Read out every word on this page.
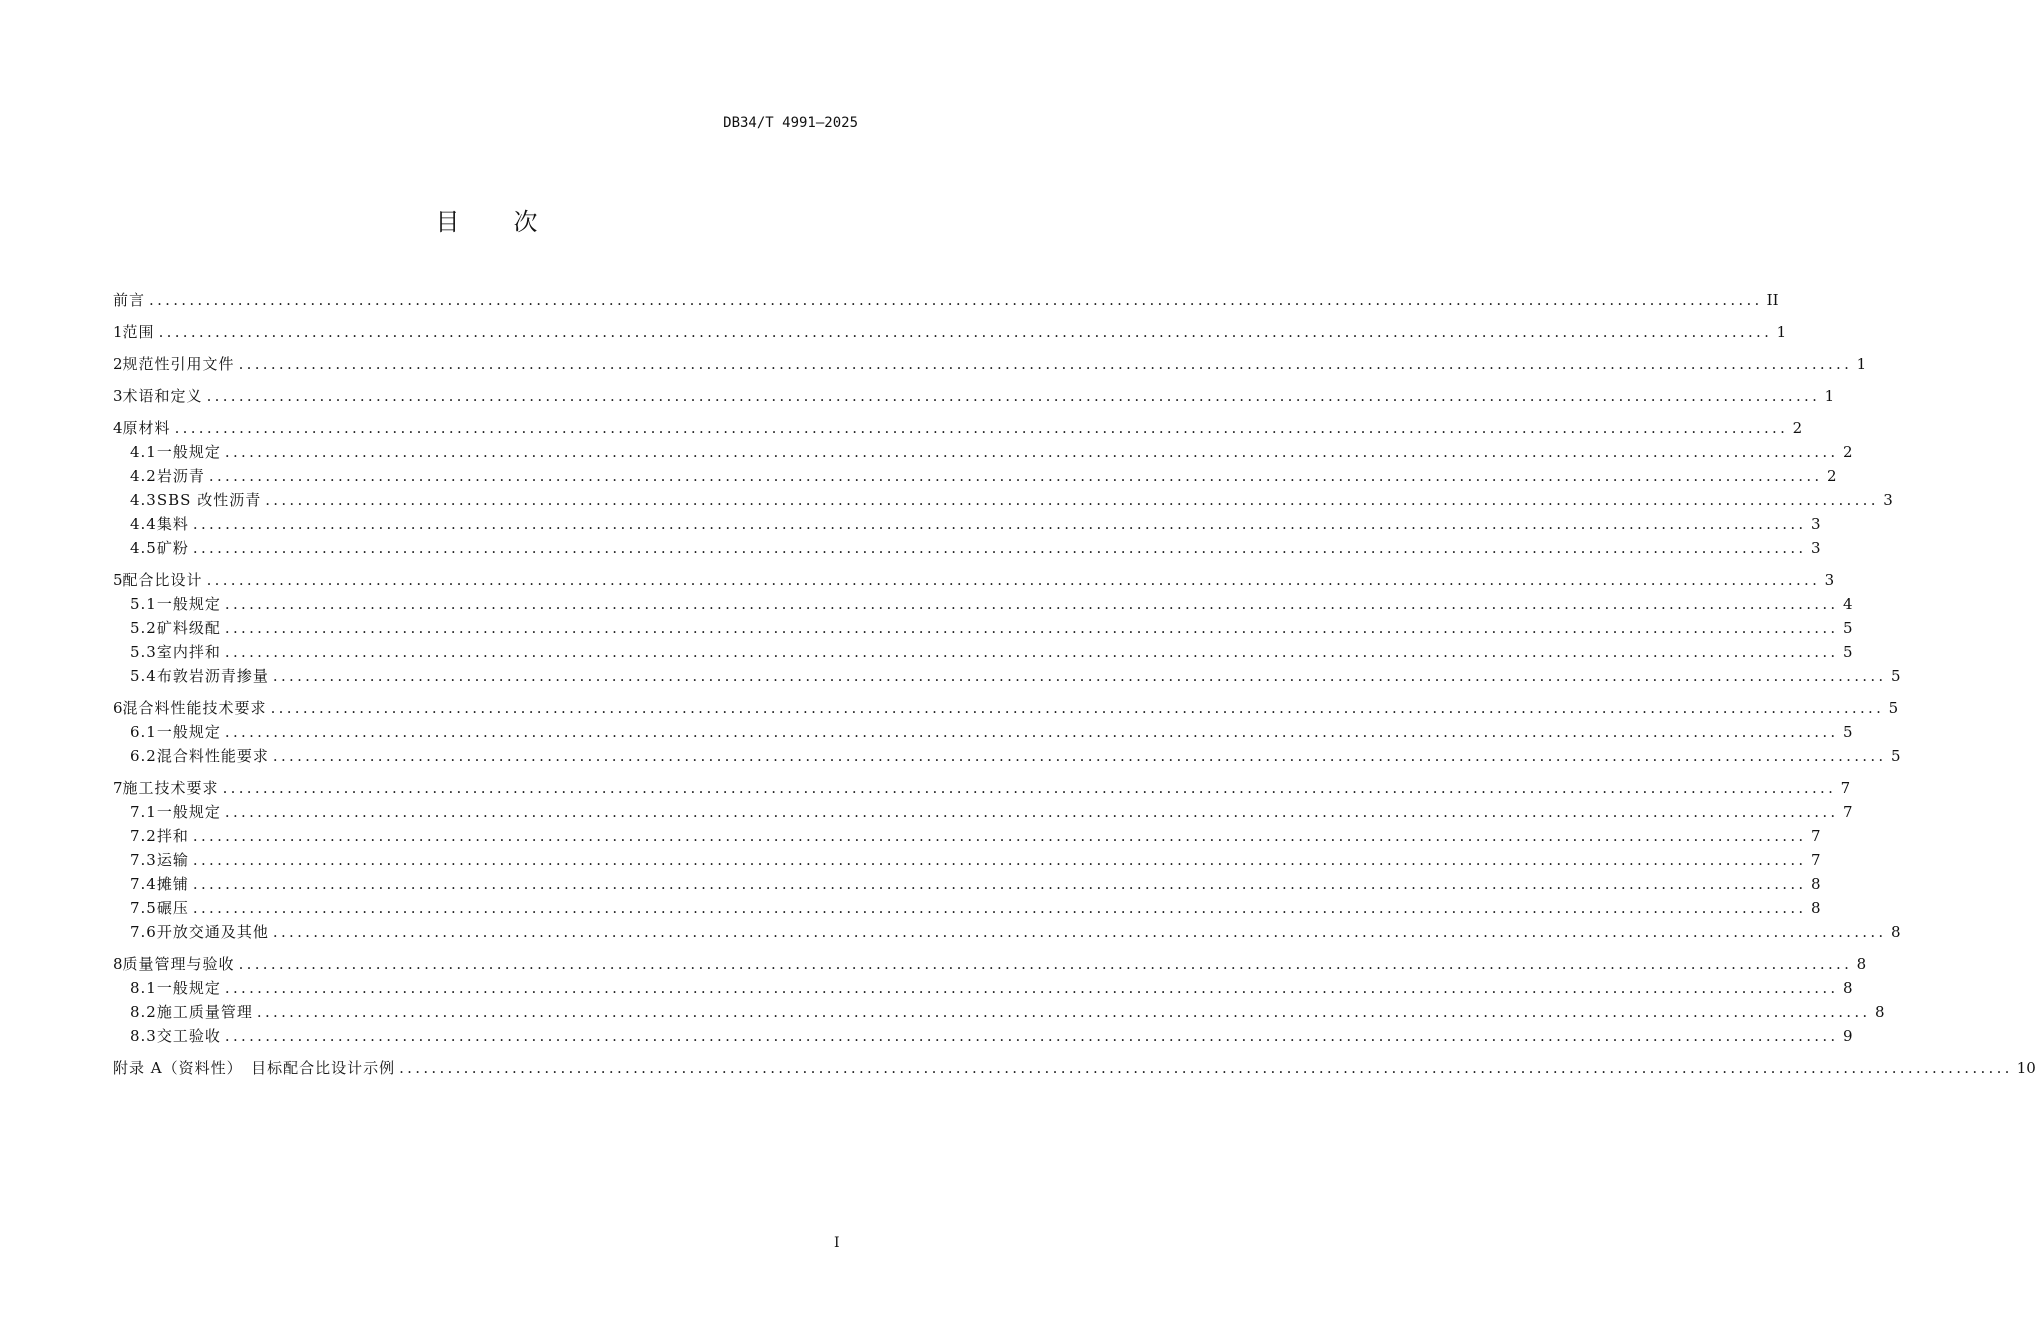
DB34/T 4991—2025
目　　次
前言 ........................................................................................................................................................................................................ II
1 范围 ........................................................................................................................................................................................................ 1
2 规范性引用文件 ........................................................................................................................................................................................................ 1
3 术语和定义 ........................................................................................................................................................................................................ 1
4 原材料 ........................................................................................................................................................................................................ 2
4.1 一般规定 ........................................................................................................................................................................................................ 2
4.2 岩沥青 ........................................................................................................................................................................................................ 2
4.3 SBS 改性沥青 ........................................................................................................................................................................................................ 3
4.4 集料 ........................................................................................................................................................................................................ 3
4.5 矿粉 ........................................................................................................................................................................................................ 3
5 配合比设计 ........................................................................................................................................................................................................ 3
5.1 一般规定 ........................................................................................................................................................................................................ 4
5.2 矿料级配 ........................................................................................................................................................................................................ 5
5.3 室内拌和 ........................................................................................................................................................................................................ 5
5.4 布敦岩沥青掺量 ........................................................................................................................................................................................................ 5
6 混合料性能技术要求 ........................................................................................................................................................................................................ 5
6.1 一般规定 ........................................................................................................................................................................................................ 5
6.2 混合料性能要求 ........................................................................................................................................................................................................ 5
7 施工技术要求 ........................................................................................................................................................................................................ 7
7.1 一般规定 ........................................................................................................................................................................................................ 7
7.2 拌和 ........................................................................................................................................................................................................ 7
7.3 运输 ........................................................................................................................................................................................................ 7
7.4 摊铺 ........................................................................................................................................................................................................ 8
7.5 碾压 ........................................................................................................................................................................................................ 8
7.6 开放交通及其他 ........................................................................................................................................................................................................ 8
8 质量管理与验收 ........................................................................................................................................................................................................ 8
8.1 一般规定 ........................................................................................................................................................................................................ 8
8.2 施工质量管理 ........................................................................................................................................................................................................ 8
8.3 交工验收 ........................................................................................................................................................................................................ 9
附录 A（资料性）　目标配合比设计示例 ........................................................................................................................................................................................................ 10
I
